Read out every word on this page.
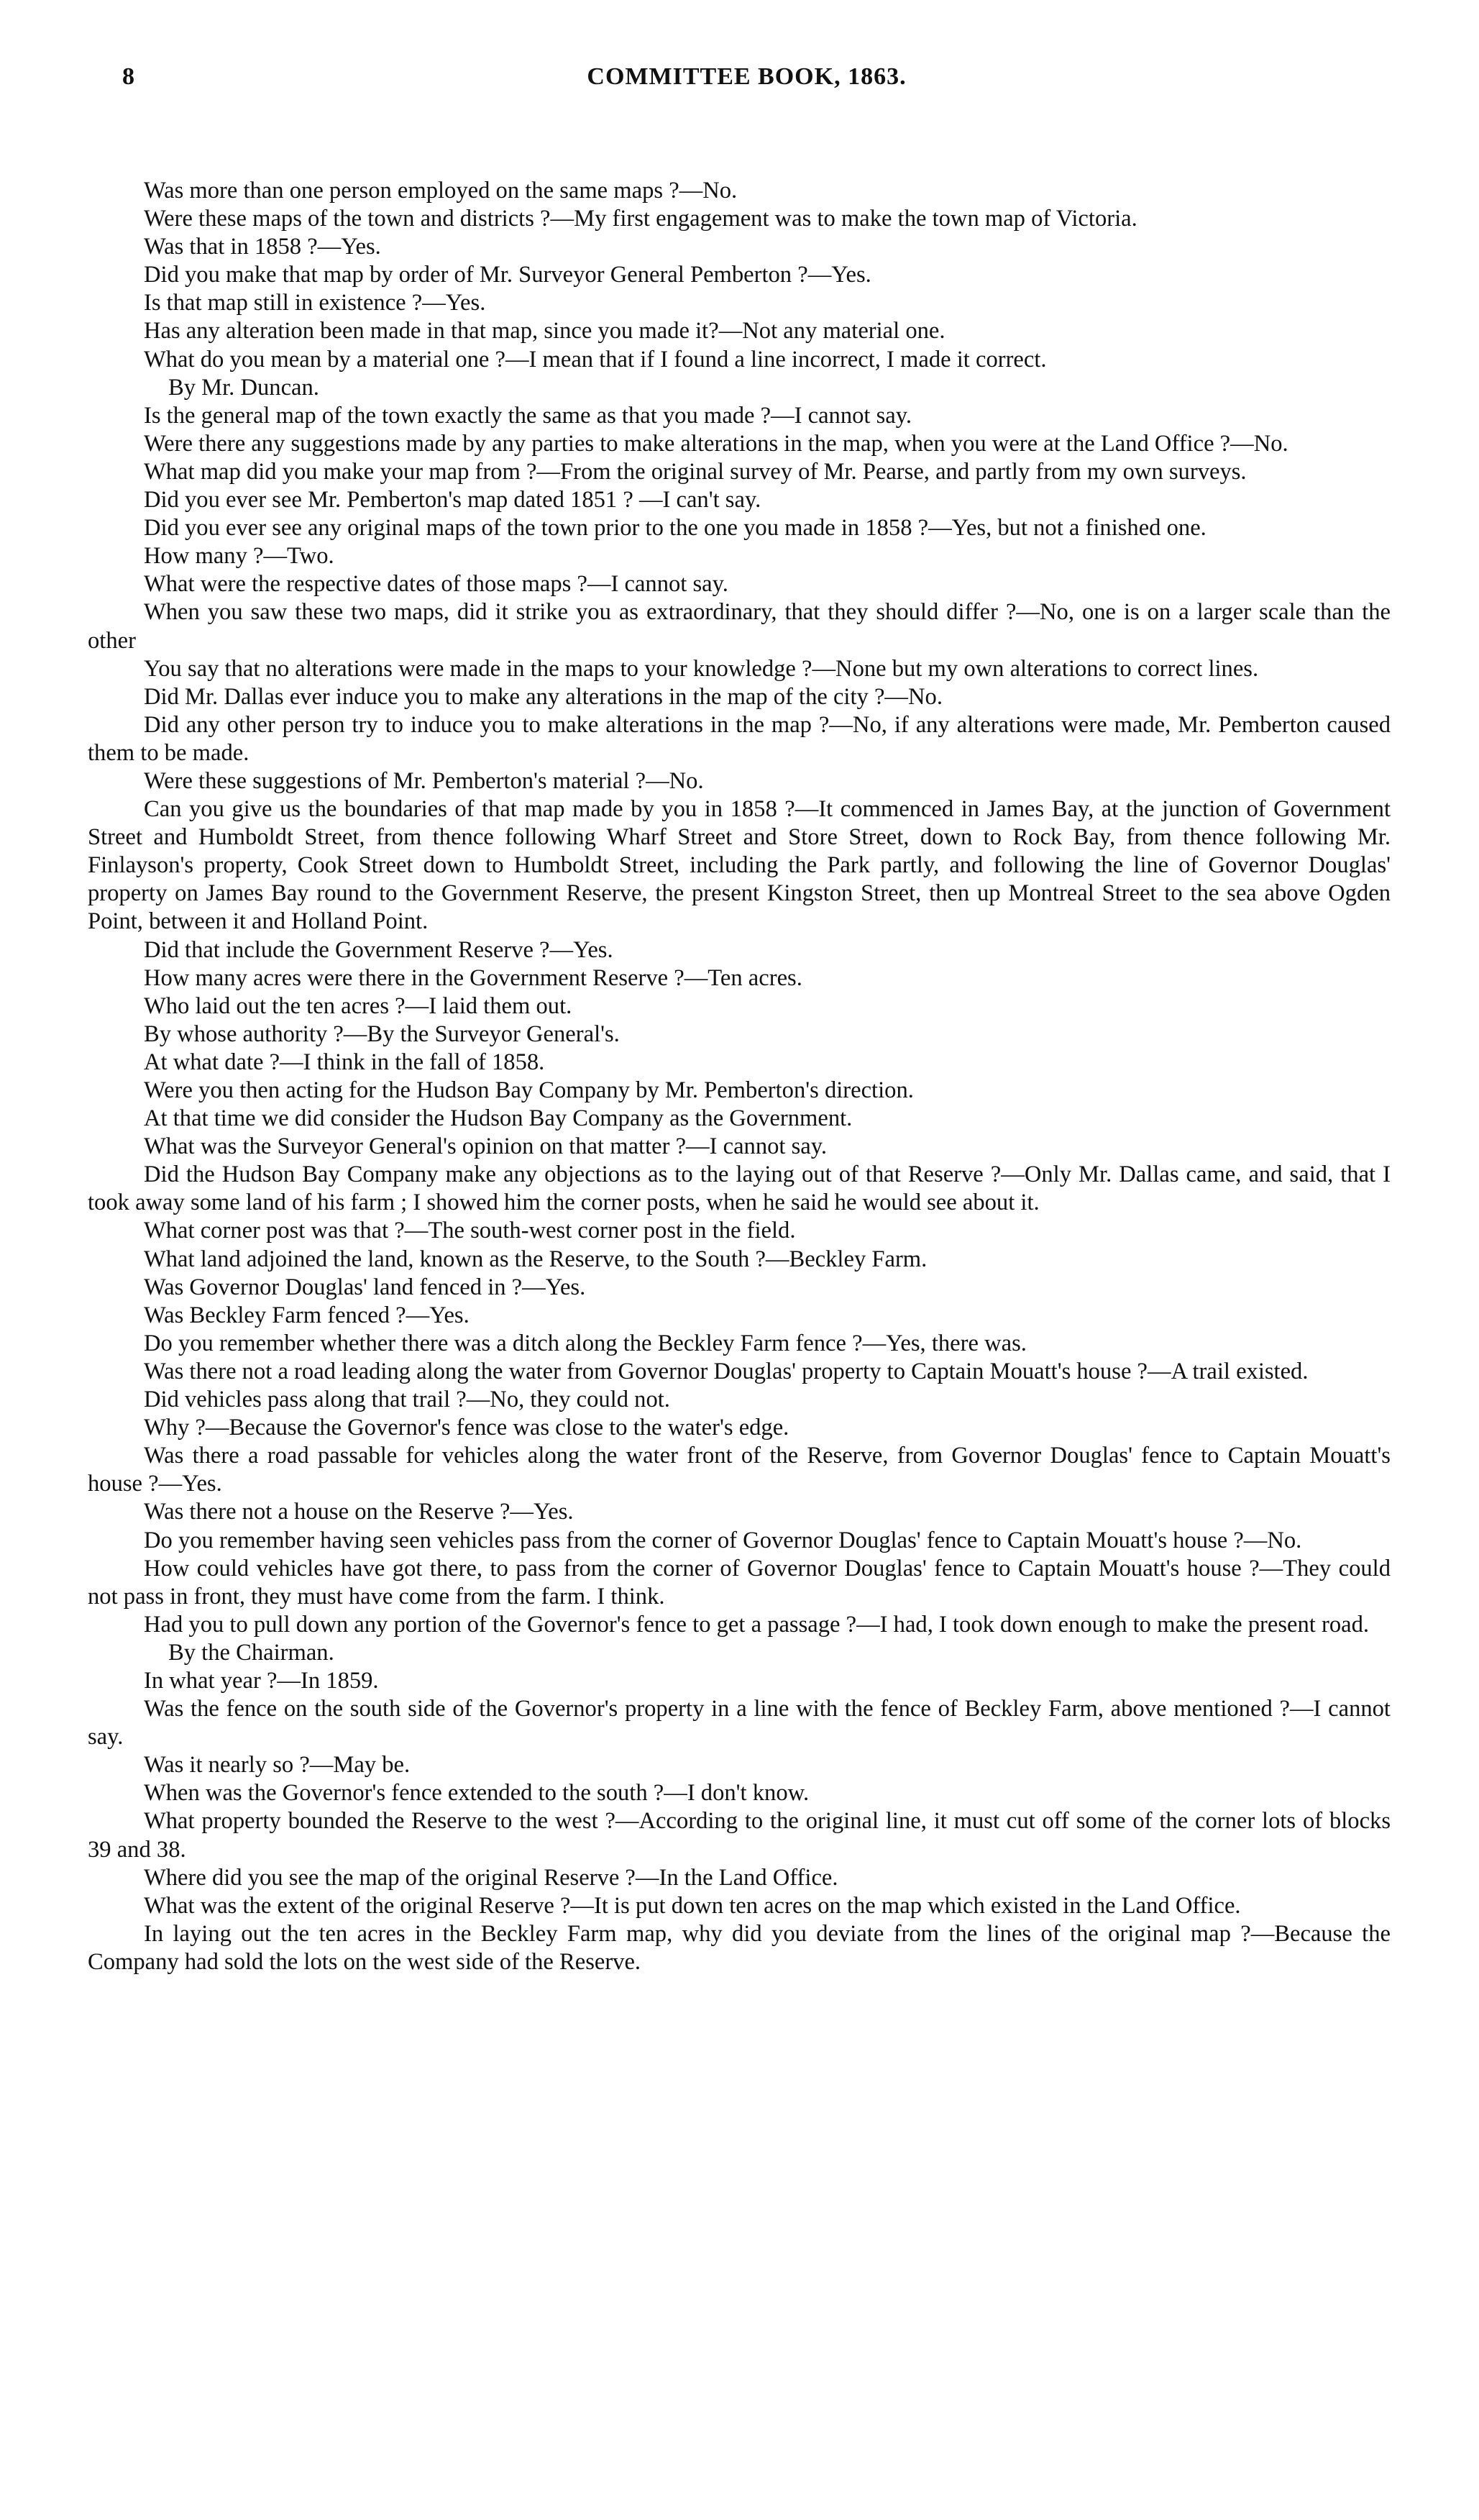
8	COMMITTEE BOOK, 1863.

Was more than one person employed on the same maps ?—No.

Were these maps of the town and districts ?—My first engagement was to make the town map of Victoria.

Was that in 1858 ?—Yes.

Did you make that map by order of Mr. Surveyor General Pemberton ?—Yes.

Is that map still in existence ?—Yes.

Has any alteration been made in that map, since you made it?—Not any material one.

What do you mean by a material one ?—I mean that if I found a line incorrect, I made it correct.

By Mr. Duncan.

Is the general map of the town exactly the same as that you made ?—I cannot say.

Were there any suggestions made by any parties to make alterations in the map, when you were at the Land Office ?—No.

What map did you make your map from ?—From the original survey of Mr. Pearse, and partly from my own surveys.

Did you ever see Mr. Pemberton's map dated 1851 ? —I can't say.

Did you ever see any original maps of the town prior to the one you made in 1858 ?—Yes, but not a finished one.

How many ?—Two.

What were the respective dates of those maps ?—I cannot say.

When you saw these two maps, did it strike you as extraordinary, that they should differ ?—No, one is on a larger scale than the other

You say that no alterations were made in the maps to your knowledge ?—None but my own alterations to correct lines.

Did Mr. Dallas ever induce you to make any alterations in the map of the city ?—No.

Did any other person try to induce you to make alterations in the map ?—No, if any alterations were made, Mr. Pemberton caused them to be made.

Were these suggestions of Mr. Pemberton's material ?—No.

Can you give us the boundaries of that map made by you in 1858 ?—It commenced in James Bay, at the junction of Government Street and Humboldt Street, from thence following Wharf Street and Store Street, down to Rock Bay, from thence following Mr. Finlayson's property, Cook Street down to Humboldt Street, including the Park partly, and following the line of Governor Douglas' property on James Bay round to the Government Reserve, the present Kingston Street, then up Montreal Street to the sea above Ogden Point, between it and Holland Point.

Did that include the Government Reserve ?—Yes.

How many acres were there in the Government Reserve ?—Ten acres.

Who laid out the ten acres ?—I laid them out.

By whose authority ?—By the Surveyor General's.

At what date ?—I think in the fall of 1858.

Were you then acting for the Hudson Bay Company by Mr. Pemberton's direction.

At that time we did consider the Hudson Bay Company as the Government.

What was the Surveyor General's opinion on that matter ?—I cannot say.

Did the Hudson Bay Company make any objections as to the laying out of that Reserve ?—Only Mr. Dallas came, and said, that I took away some land of his farm ; I showed him the corner posts, when he said he would see about it.

What corner post was that ?—The south-west corner post in the field.

What land adjoined the land, known as the Reserve, to the South ?—Beckley Farm.

Was Governor Douglas' land fenced in ?—Yes.

Was Beckley Farm fenced ?—Yes.

Do you remember whether there was a ditch along the Beckley Farm fence ?—Yes, there was.

Was there not a road leading along the water from Governor Douglas' property to Captain Mouatt's house ?—A trail existed.

Did vehicles pass along that trail ?—No, they could not.

Why ?—Because the Governor's fence was close to the water's edge.

Was there a road passable for vehicles along the water front of the Reserve, from Governor Douglas' fence to Captain Mouatt's house ?—Yes.

Was there not a house on the Reserve ?—Yes.

Do you remember having seen vehicles pass from the corner of Governor Douglas' fence to Captain Mouatt's house ?—No.

How could vehicles have got there, to pass from the corner of Governor Douglas' fence to Captain Mouatt's house ?—They could not pass in front, they must have come from the farm. I think.

Had you to pull down any portion of the Governor's fence to get a passage ?—I had, I took down enough to make the present road.

By the Chairman.

In what year ?—In 1859.

Was the fence on the south side of the Governor's property in a line with the fence of Beckley Farm, above mentioned ?—I cannot say.

Was it nearly so ?—May be.

When was the Governor's fence extended to the south ?—I don't know.

What property bounded the Reserve to the west ?—According to the original line, it must cut off some of the corner lots of blocks 39 and 38.

Where did you see the map of the original Reserve ?—In the Land Office.

What was the extent of the original Reserve ?—It is put down ten acres on the map which existed in the Land Office.

In laying out the ten acres in the Beckley Farm map, why did you deviate from the lines of the original map ?—Because the Company had sold the lots on the west side of the Reserve.
